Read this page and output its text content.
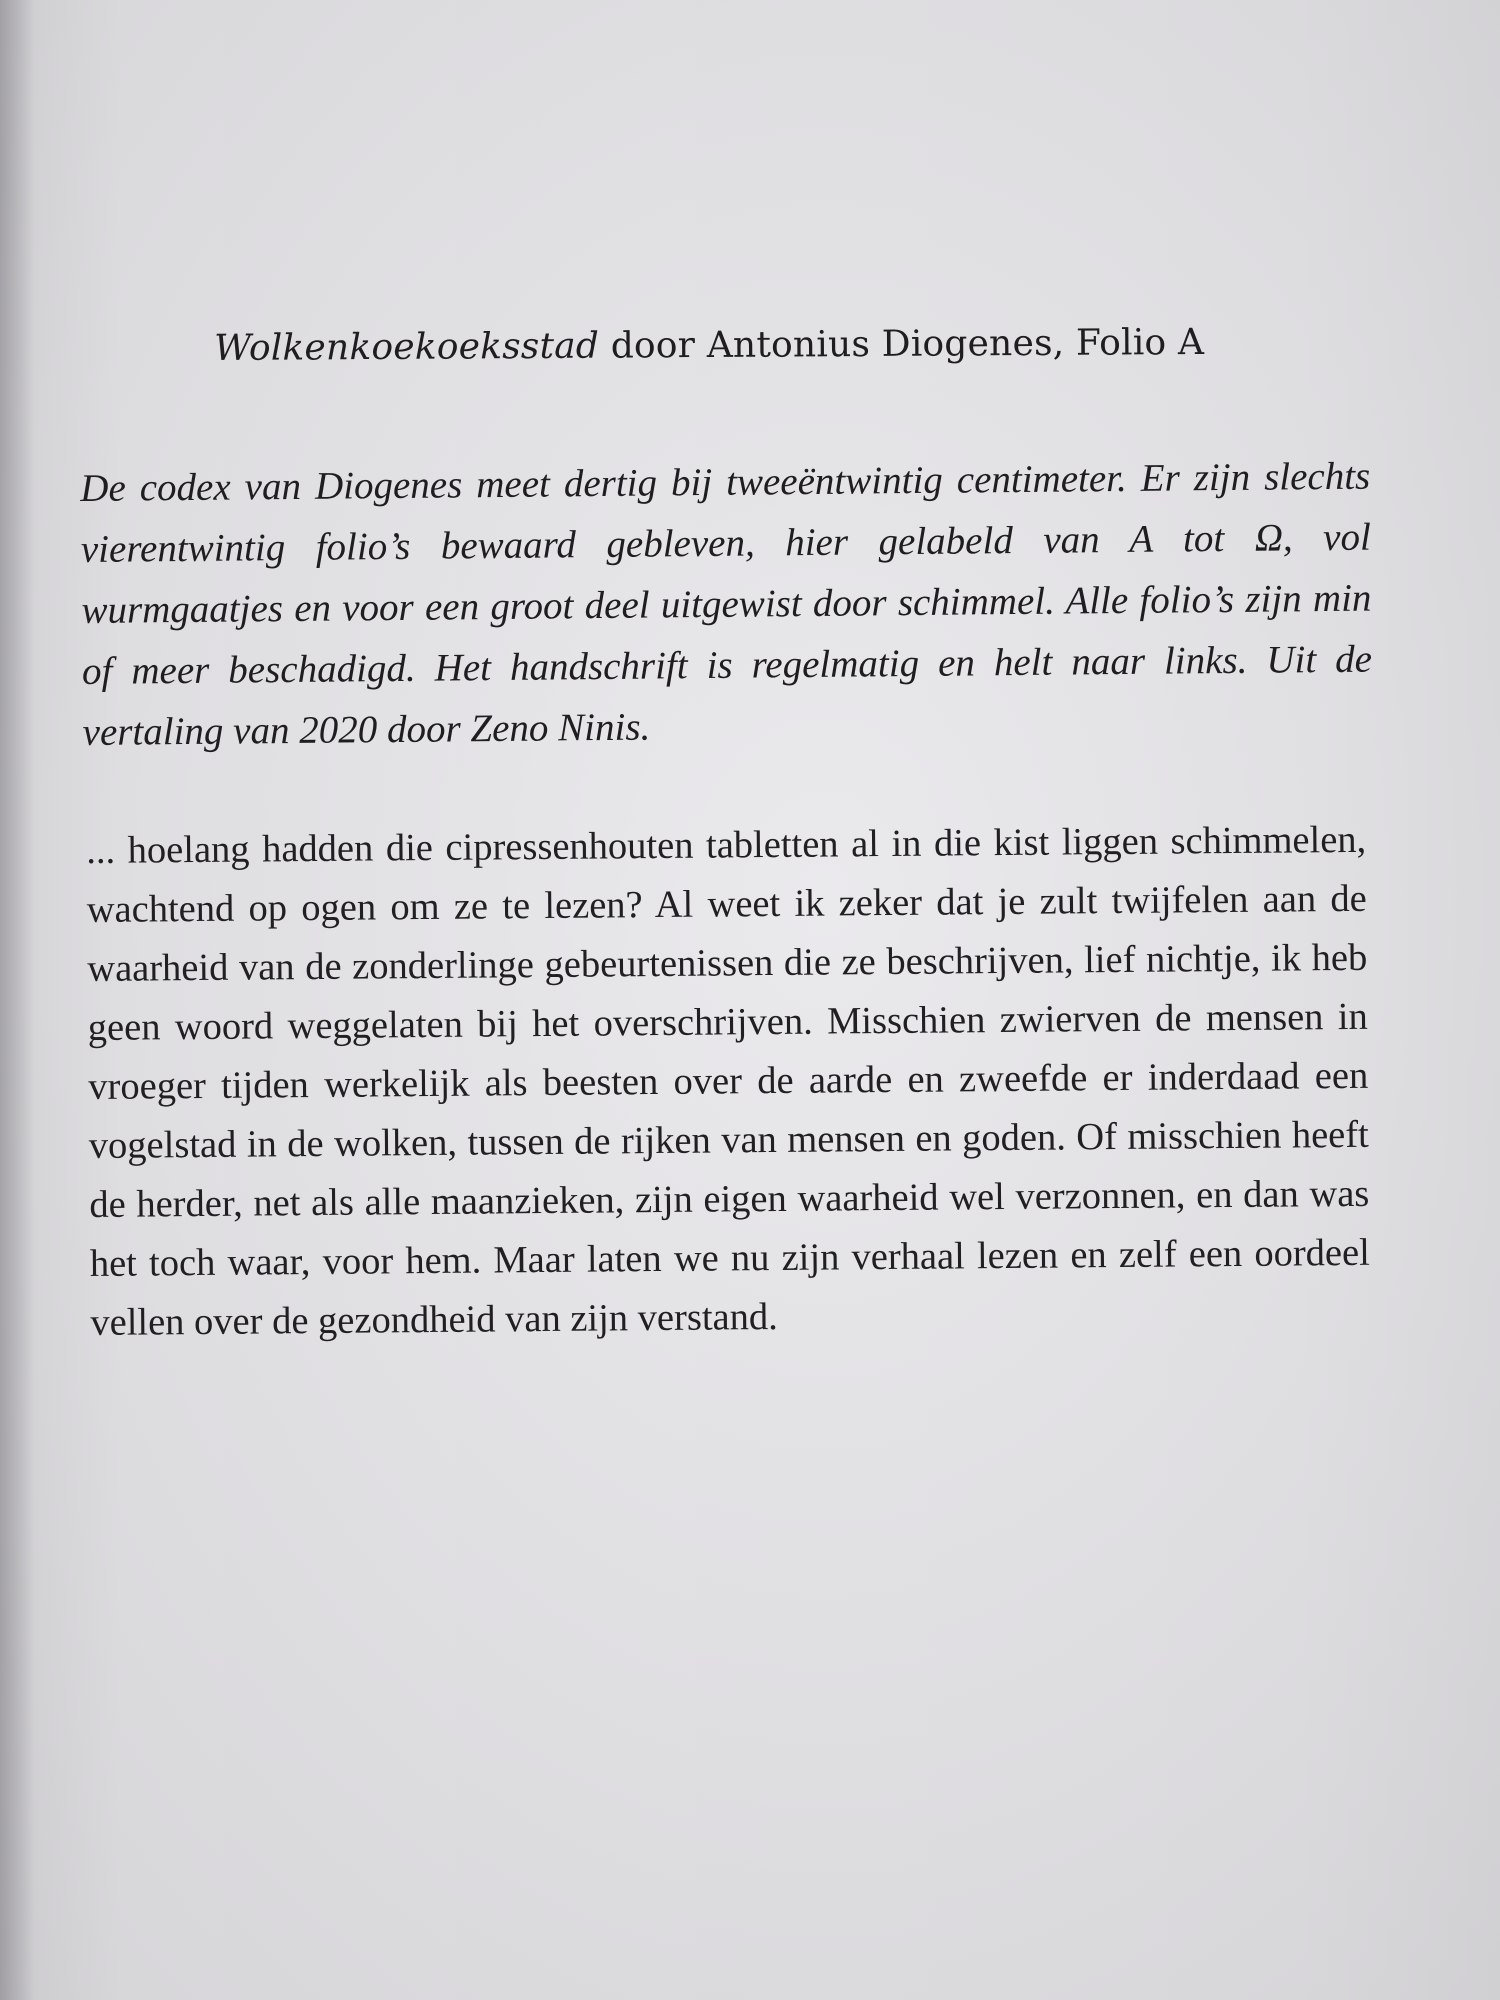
Wolkenkoekoeksstad door Antonius Diogenes, Folio A

De codex van Diogenes meet dertig bij tweeëntwintig centimeter. Er zijn slechts vierentwintig folio’s bewaard gebleven, hier gelabeld van A tot Ω, vol wurmgaatjes en voor een groot deel uitgewist door schimmel. Alle folio’s zijn min of meer beschadigd. Het handschrift is regelmatig en helt naar links. Uit de vertaling van 2020 door Zeno Ninis.

... hoelang hadden die cipressenhouten tabletten al in die kist liggen schimmelen, wachtend op ogen om ze te lezen? Al weet ik zeker dat je zult twijfelen aan de waarheid van de zonderlinge gebeurtenissen die ze beschrijven, lief nichtje, ik heb geen woord weggelaten bij het overschrijven. Misschien zwierven de mensen in vroeger tijden werkelijk als beesten over de aarde en zweefde er inderdaad een vogelstad in de wolken, tussen de rijken van mensen en goden. Of misschien heeft de herder, net als alle maanzieken, zijn eigen waarheid wel verzonnen, en dan was het toch waar, voor hem. Maar laten we nu zijn verhaal lezen en zelf een oordeel vellen over de gezondheid van zijn verstand.
